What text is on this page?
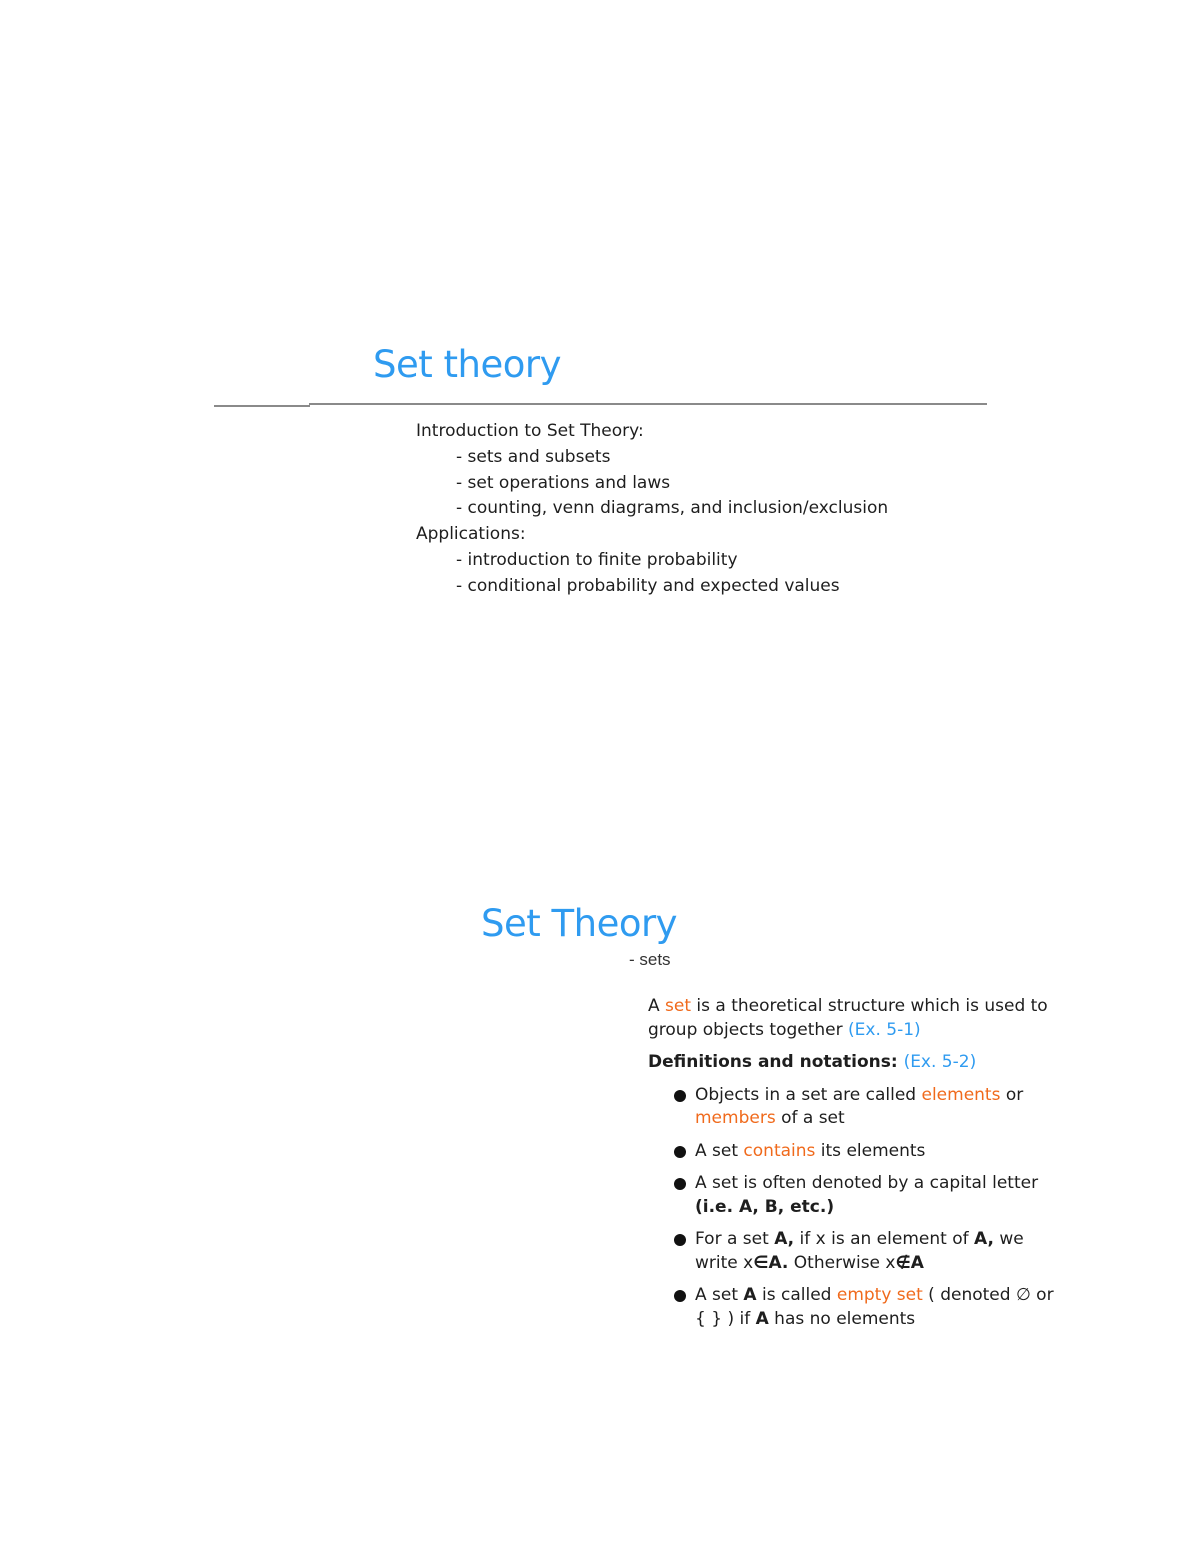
Set theory
Introduction to Set Theory:
- sets and subsets
- set operations and laws
- counting, venn diagrams, and inclusion/exclusion
Applications:
- introduction to finite probability
- conditional probability and expected values
Set Theory
- sets

A set is a theoretical structure which is used to group objects together (Ex. 5-1)

Definitions and notations: (Ex. 5-2)

Objects in a set are called elements or members of a set
A set contains its elements
A set is often denoted by a capital letter (i.e. A, B, etc.)
For a set A, if x is an element of A, we write x∈A. Otherwise x∉A
A set A is called empty set ( denoted ∅ or { } ) if A has no elements
